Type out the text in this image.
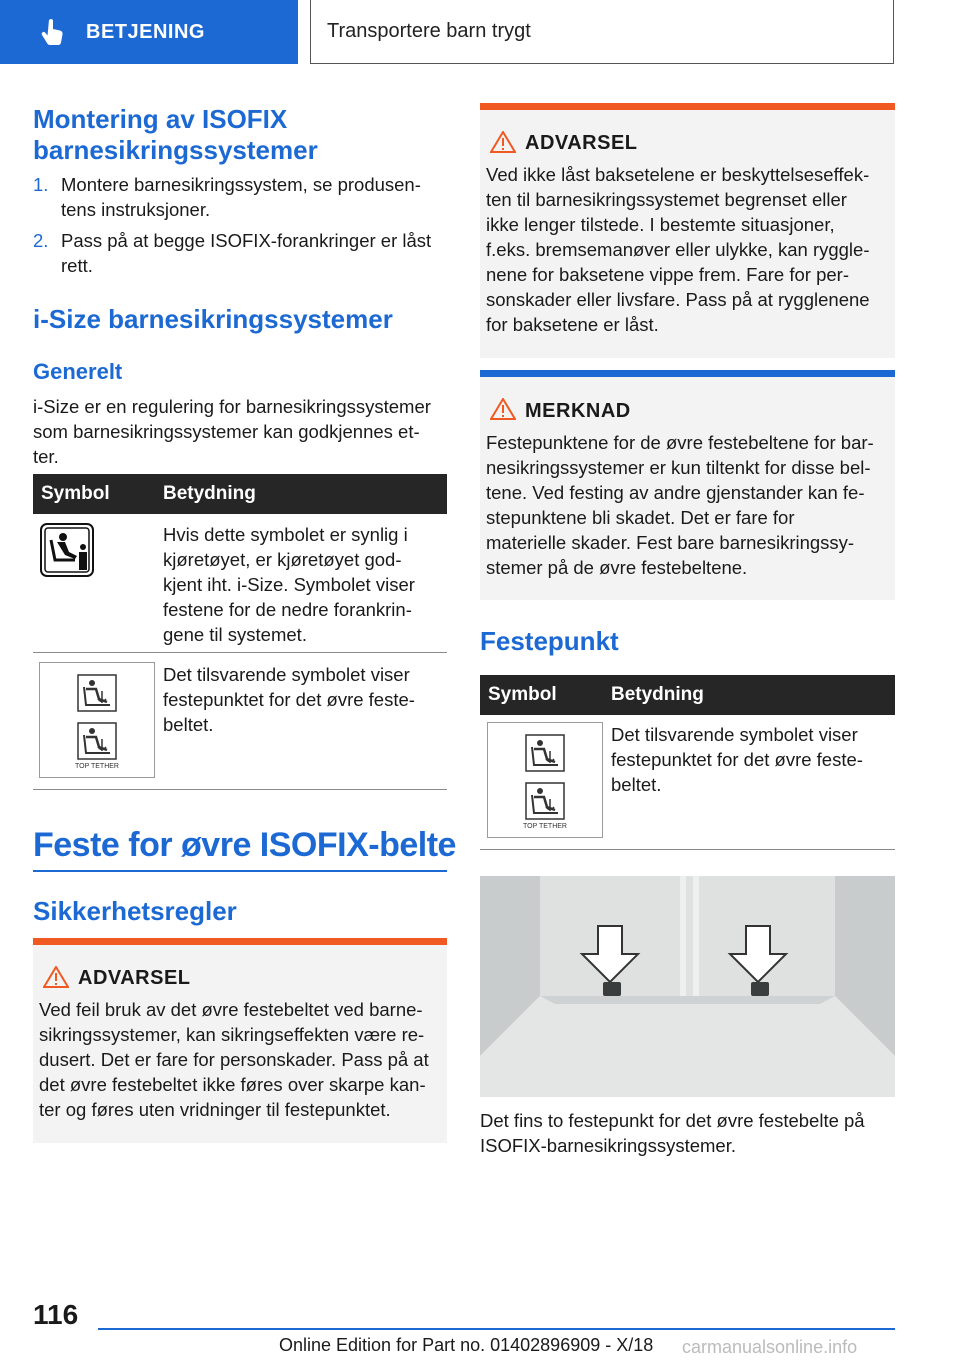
BETJENING	Transportere barn trygt
Montering av ISOFIX
barnesikringssystemer
1. Montere barnesikringssystem, se produsen-
tens instruksjoner.
2. Pass på at begge ISOFIX-forankringer er låst
rett.
i-Size barnesikringssystemer
Generelt
i-Size er en regulering for barnesikringssystemer
som barnesikringssystemer kan godkjennes et-
ter.
Symbol	Betydning
Hvis dette symbolet er synlig i
kjøretøyet, er kjøretøyet god-
kjent iht. i-Size. Symbolet viser
festene for de nedre forankrin-
gene til systemet.
TOP TETHER
Det tilsvarende symbolet viser
festepunktet for det øvre feste-
beltet.
Feste for øvre ISOFIX-belte
Sikkerhetsregler
ADVARSEL
Ved feil bruk av det øvre festebeltet ved barne-
sikringssystemer, kan sikringseffekten være re-
dusert. Det er fare for personskader. Pass på at
det øvre festebeltet ikke føres over skarpe kan-
ter og føres uten vridninger til festepunktet.
ADVARSEL
Ved ikke låst baksetelene er beskyttelseseffek-
ten til barnesikringssystemet begrenset eller
ikke lenger tilstede. I bestemte situasjoner,
f.eks. bremsemanøver eller ulykke, kan ryggle-
nene for baksetene vippe frem. Fare for per-
sonskader eller livsfare. Pass på at rygglenene
for baksetene er låst.
MERKNAD
Festepunktene for de øvre festebeltene for bar-
nesikringssystemer er kun tiltenkt for disse bel-
tene. Ved festing av andre gjenstander kan fe-
stepunktene bli skadet. Det er fare for
materielle skader. Fest bare barnesikringssy-
stemer på de øvre festebeltene.
Festepunkt
Symbol	Betydning
TOP TETHER
Det tilsvarende symbolet viser
festepunktet for det øvre feste-
beltet.
Det fins to festepunkt for det øvre festebelte på
ISOFIX-barnesikringssystemer.
116
Online Edition for Part no. 01402896909 - X/18 carmanualsonline.info
